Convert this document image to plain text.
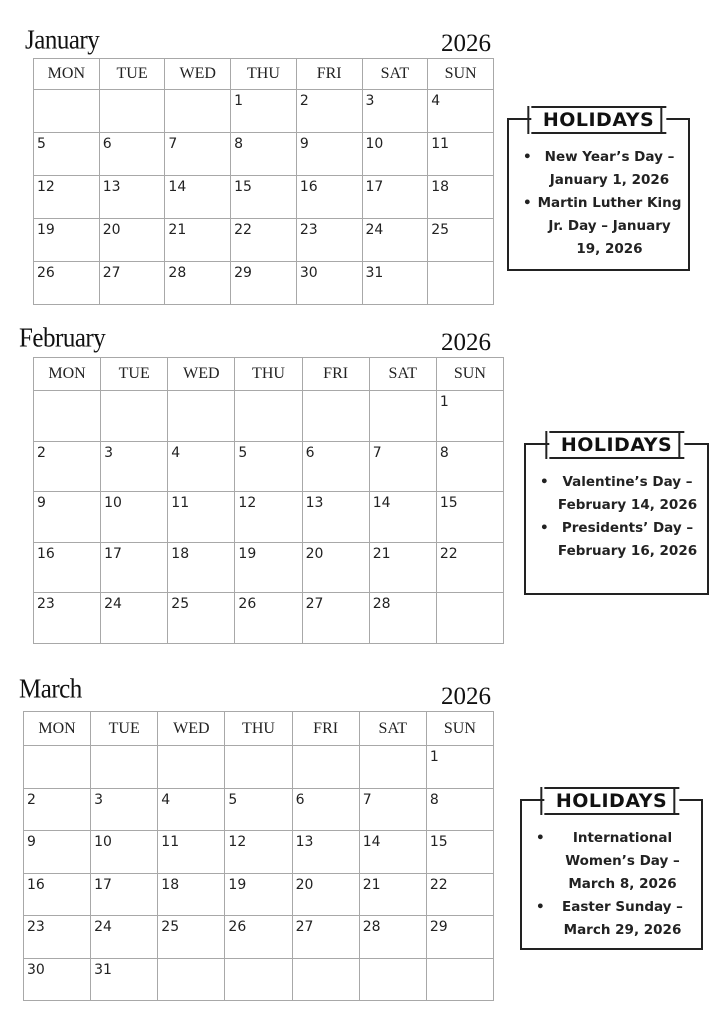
January	2026
MON	TUE	WED	THU	FRI	SAT	SUN
			1	2	3	4
5	6	7	8	9	10	11
12	13	14	15	16	17	18
19	20	21	22	23	24	25
26	27	28	29	30	31	
HOLIDAYS
• New Year’s Day – January 1, 2026
• Martin Luther King Jr. Day – January 19, 2026
February	2026
MON	TUE	WED	THU	FRI	SAT	SUN
						1
2	3	4	5	6	7	8
9	10	11	12	13	14	15
16	17	18	19	20	21	22
23	24	25	26	27	28	
HOLIDAYS
• Valentine’s Day – February 14, 2026
• Presidents’ Day – February 16, 2026
March	2026
MON	TUE	WED	THU	FRI	SAT	SUN
						1
2	3	4	5	6	7	8
9	10	11	12	13	14	15
16	17	18	19	20	21	22
23	24	25	26	27	28	29
30	31					
HOLIDAYS
• International Women’s Day – March 8, 2026
• Easter Sunday – March 29, 2026
